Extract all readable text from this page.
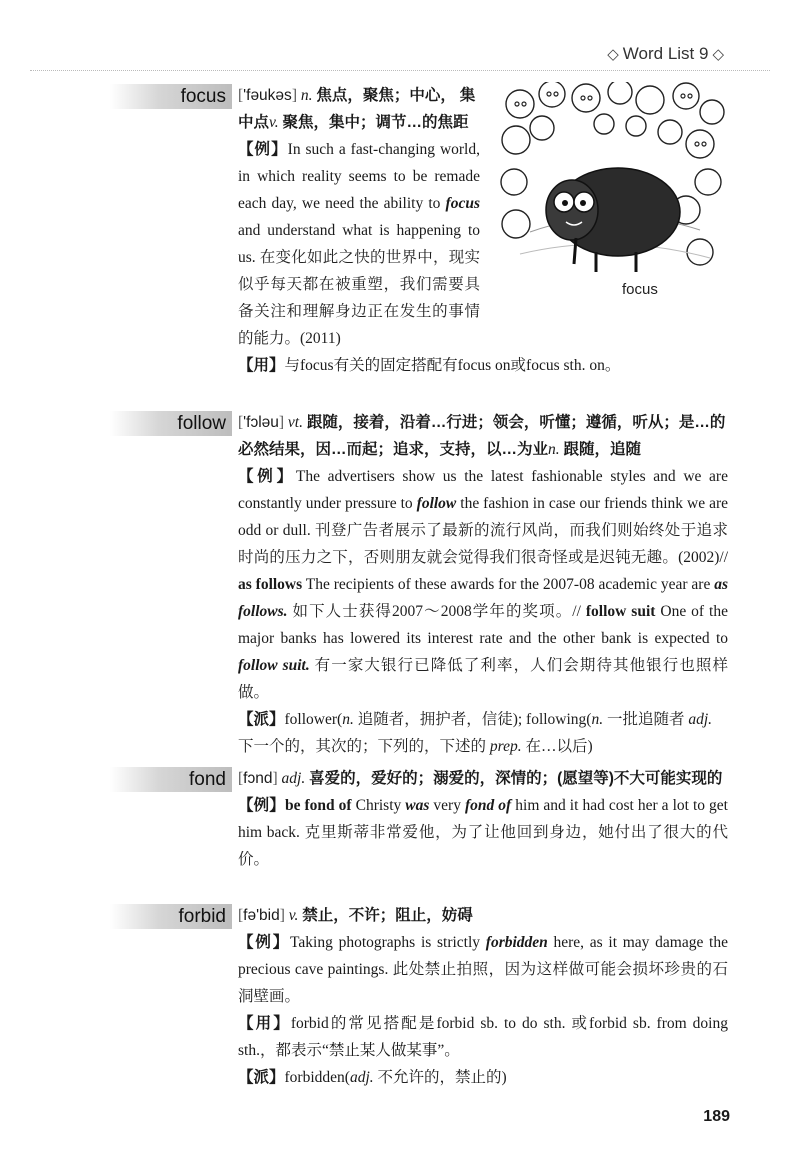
◇ Word List 9 ◇
focus ['fəukəs] n. 焦点，聚焦；中心， 集中点v. 聚焦，集中；调节…的焦距

【例】In such a fast-changing world, in which reality seems to be remade each day, we need the ability to focus and understand what is happening to us. 在变化如此之快的世界中，现实似乎每天都在被重塑，我们需要具备关注和理解身边正在发生的事情的能力。(2011)

【用】与focus有关的固定搭配有focus on或focus sth. on。

focus
follow ['fɔləu] vt. 跟随，接着，沿着…行进；领会，听懂；遵循，听从；是…的必然结果，因…而起；追求，支持，以…为业n. 跟随，追随

【例】The advertisers show us the latest fashionable styles and we are constantly under pressure to follow the fashion in case our friends think we are odd or dull. 刊登广告者展示了最新的流行风尚，而我们则始终处于追求时尚的压力之下，否则朋友就会觉得我们很奇怪或是迟钝无趣。(2002)// as follows The recipients of these awards for the 2007-08 academic year are as follows. 如下人士获得2007～2008学年的奖项。// follow suit One of the major banks has lowered its interest rate and the other bank is expected to follow suit. 有一家大银行已降低了利率，人们会期待其他银行也照样做。

【派】follower(n. 追随者，拥护者，信徒); following(n. 一批追随者 adj. 下一个的，其次的；下列的，下述的 prep. 在…以后)

fond [fɔnd] adj. 喜爱的，爱好的；溺爱的，深情的；(愿望等)不大可能实现的

【例】be fond of Christy was very fond of him and it had cost her a lot to get him back. 克里斯蒂非常爱他，为了让他回到身边，她付出了很大的代价。

forbid [fə'bid] v. 禁止，不许；阻止，妨碍

【例】Taking photographs is strictly forbidden here, as it may damage the precious cave paintings. 此处禁止拍照，因为这样做可能会损坏珍贵的石洞壁画。

【用】forbid的常见搭配是forbid sb. to do sth. 或forbid sb. from doing sth.，都表示“禁止某人做某事”。

【派】forbidden(adj. 不允许的，禁止的)

189
